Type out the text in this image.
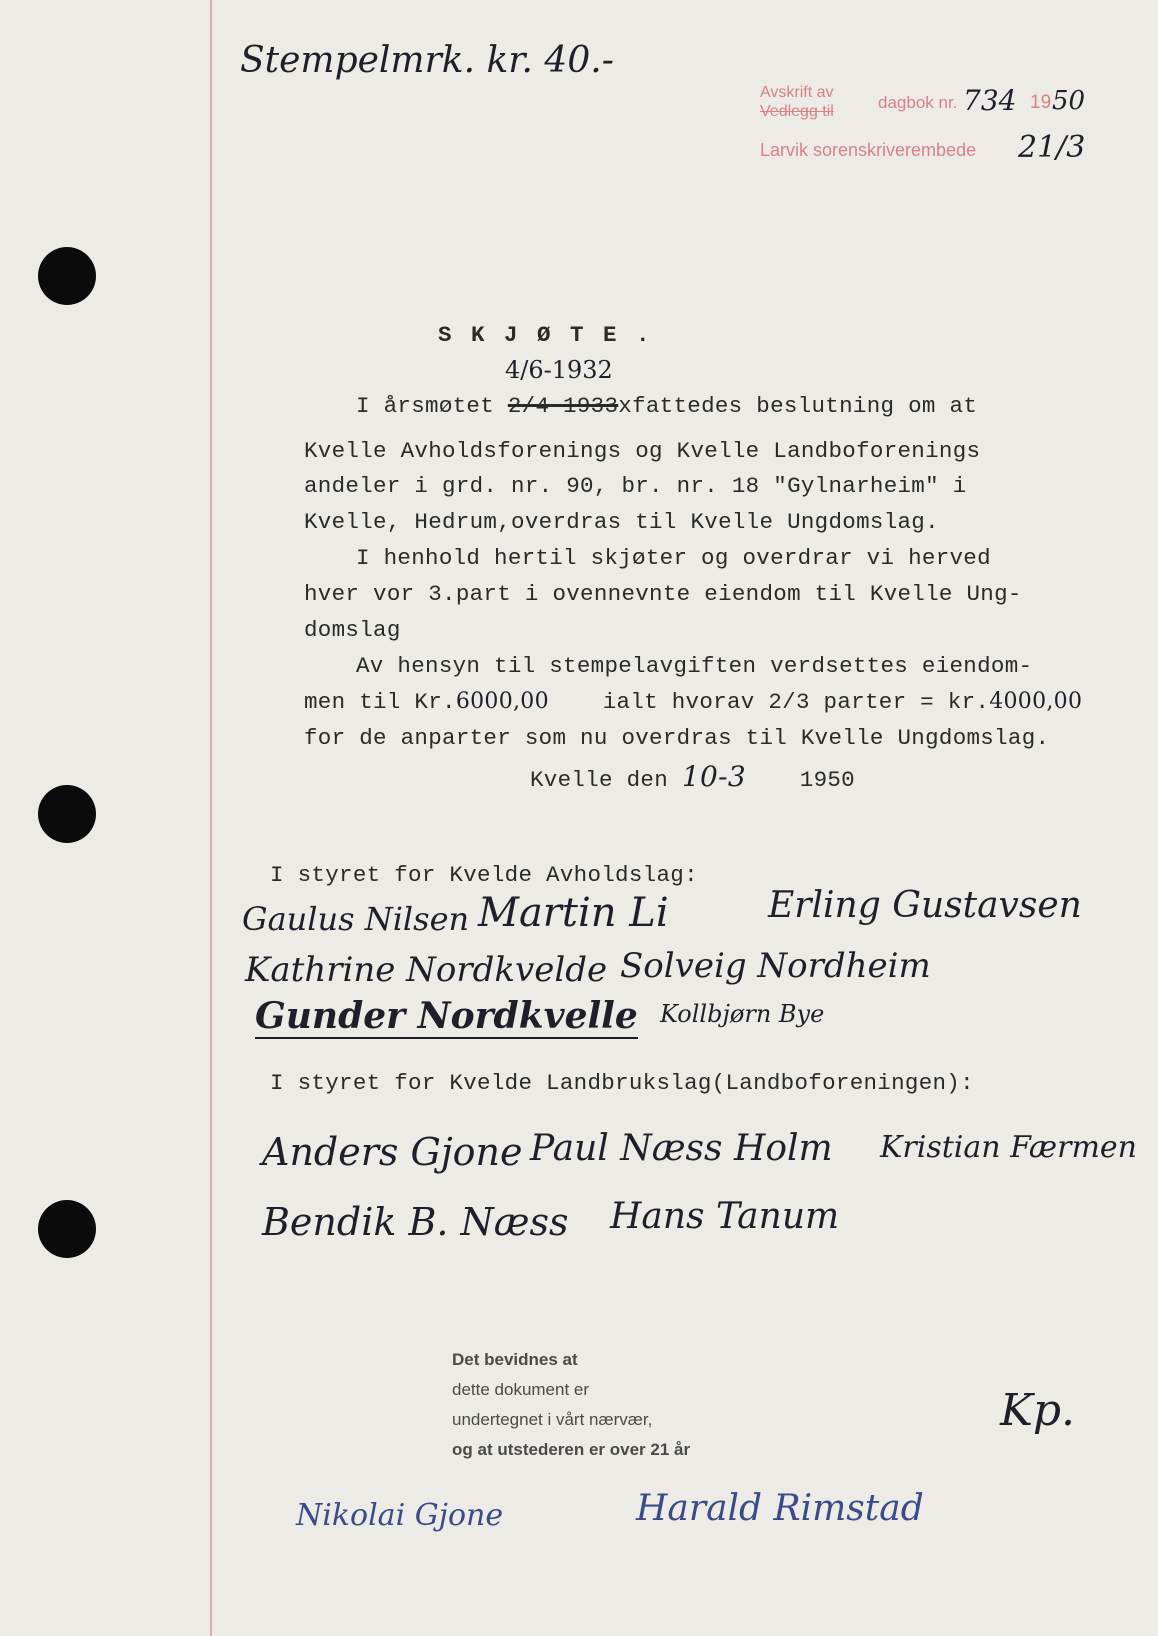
Stempelmrk. kr. 40.-
Avskrift av
Vedlegg til	dagbok nr. 734 19 50
Larvik sorenskriverembede 21/3
S K J Ø T E .
4/6-1932
I årsmøtet 2/4-1933xfattedes beslutning om at
Kvelle Avholdsforenings og Kvelle Landboforenings
andeler i grd. nr. 90, br. nr. 18 "Gylnarheim" i
Kvelle, Hedrum,overdras til Kvelle Ungdomslag.
I henhold hertil skjøter og overdrar vi herved
hver vor 3.part i ovennevnte eiendom til Kvelle Ung-
domslag
Av hensyn til stempelavgiften verdsettes eiendom-
men til Kr.6000,00 ialt hvorav 2/3 parter = kr.4000,00
for de anparter som nu overdras til Kvelle Ungdomslag.
Kvelle den 10-3 1950
I styret for Kvelde Avholdslag:
Gaulus Nilsen Martin Li	Erling Gustavsen
Kathrine Nordkvelde Solveig Nordheim
Gunder Nordkvelle Kollbjørn Bye
I styret for Kvelde Landbrukslag(Landboforeningen):
Anders Gjone Paul Næss Holm Kristian Færmen
Bendik B. Næss Hans Tanum
Det bevidnes at
dette dokument er
undertegnet i vårt nærvær,
og at utstederen er over 21 år
Kp.
Nikolai Gjone	Harald Rimstad
